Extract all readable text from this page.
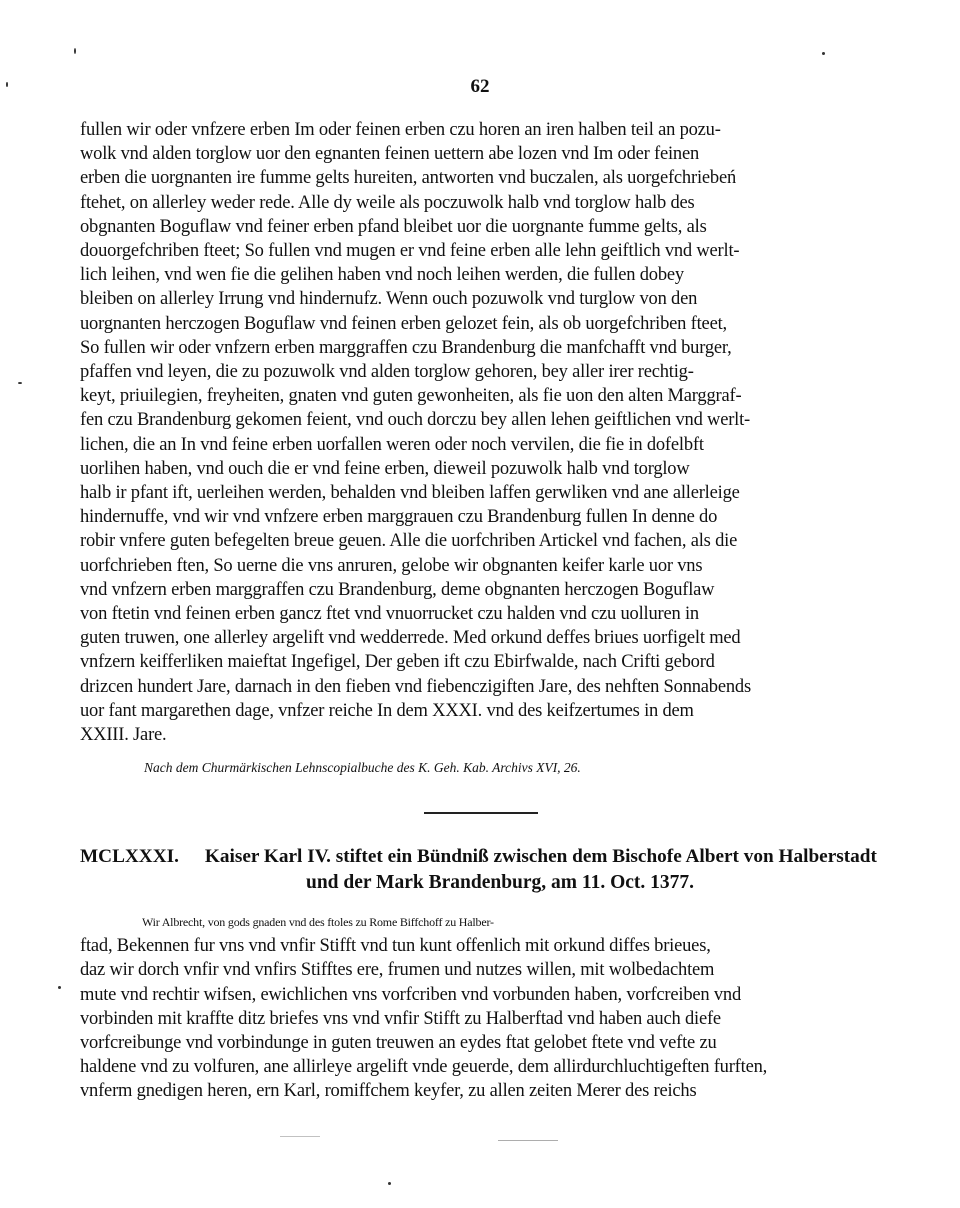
62
fullen wir oder vnfzere erben Im oder feinen erben czu horen an iren halben teil an pozu-
wolk vnd alden torglow uor den egnanten feinen uettern abe lozen vnd Im oder feinen
erben die uorgnanten ire fumme gelts hureiten, antworten vnd buczalen, als uorgefchriebeń
ftehet, on allerley weder rede. Alle dy weile als poczuwolk halb vnd torglow halb des
obgnanten Boguflaw vnd feiner erben pfand bleibet uor die uorgnante fumme gelts, als
douorgefchriben fteet; So fullen vnd mugen er vnd feine erben alle lehn geiftlich vnd werlt-
lich leihen, vnd wen fie die gelihen haben vnd noch leihen werden, die fullen dobey
bleiben on allerley Irrung vnd hindernufz. Wenn ouch pozuwolk vnd turglow von den
uorgnanten herczogen Boguflaw vnd feinen erben gelozet fein, als ob uorgefchriben fteet,
So fullen wir oder vnfzern erben marggraffen czu Brandenburg die manfchafft vnd burger,
pfaffen vnd leyen, die zu pozuwolk vnd alden torglow gehoren, bey aller irer rechtig-
keyt, priuilegien, freyheiten, gnaten vnd guten gewonheiten, als fie uon den alten Marggraf-
fen czu Brandenburg gekomen feient, vnd ouch dorczu bey allen lehen geiftlichen vnd werlt-
lichen, die an In vnd feine erben uorfallen weren oder noch vervilen, die fie in dofelbft
uorlihen haben, vnd ouch die er vnd feine erben, dieweil pozuwolk halb vnd torglow
halb ir pfant ift, uerleihen werden, behalden vnd bleiben laffen gerwliken vnd ane allerleige
hindernuffe, vnd wir vnd vnfzere erben marggrauen czu Brandenburg fullen In denne do
robir vnfere guten befegelten breue geuen. Alle die uorfchriben Artickel vnd fachen, als die
uorfchrieben ften, So uerne die vns anruren, gelobe wir obgnanten keifer karle uor vns
vnd vnfzern erben marggraffen czu Brandenburg, deme obgnanten herczogen Boguflaw
von ftetin vnd feinen erben gancz ftet vnd vnuorrucket czu halden vnd czu uolluren in
guten truwen, one allerley argelift vnd wedderrede. Med orkund deffes briues uorfigelt med
vnfzern keifferliken maieftat Ingefigel, Der geben ift czu Ebirfwalde, nach Crifti gebord
drizcen hundert Jare, darnach in den fieben vnd fiebenczigiften Jare, des nehften Sonnabends
uor fant margarethen dage, vnfzer reiche In dem XXXI. vnd des keifzertumes in dem
XXIII. Jare.
Nach dem Churmärkischen Lehnscopialbuche des K. Geh. Kab. Archivs XVI, 26.
MCLXXXI. Kaiser Karl IV. stiftet ein Bündniß zwischen dem Bischofe Albert von Halberstadt
und der Mark Brandenburg, am 11. Oct. 1377.
Wir Albrecht, von gods gnaden vnd des ftoles zu Rome Biffchoff zu Halber-
ftad, Bekennen fur vns vnd vnfir Stifft vnd tun kunt offenlich mit orkund diffes brieues,
daz wir dorch vnfir vnd vnfirs Stifftes ere, frumen und nutzes willen, mit wolbedachtem
mute vnd rechtir wifsen, ewichlichen vns vorfcriben vnd vorbunden haben, vorfcreiben vnd
vorbinden mit kraffte ditz briefes vns vnd vnfir Stifft zu Halberftad vnd haben auch diefe
vorfcreibunge vnd vorbindunge in guten treuwen an eydes ftat gelobet ftete vnd vefte zu
haldene vnd zu volfuren, ane allirleye argelift vnde geuerde, dem allirdurchluchtigeften furften,
vnferm gnedigen heren, ern Karl, romiffchem keyfer, zu allen zeiten Merer des reichs
